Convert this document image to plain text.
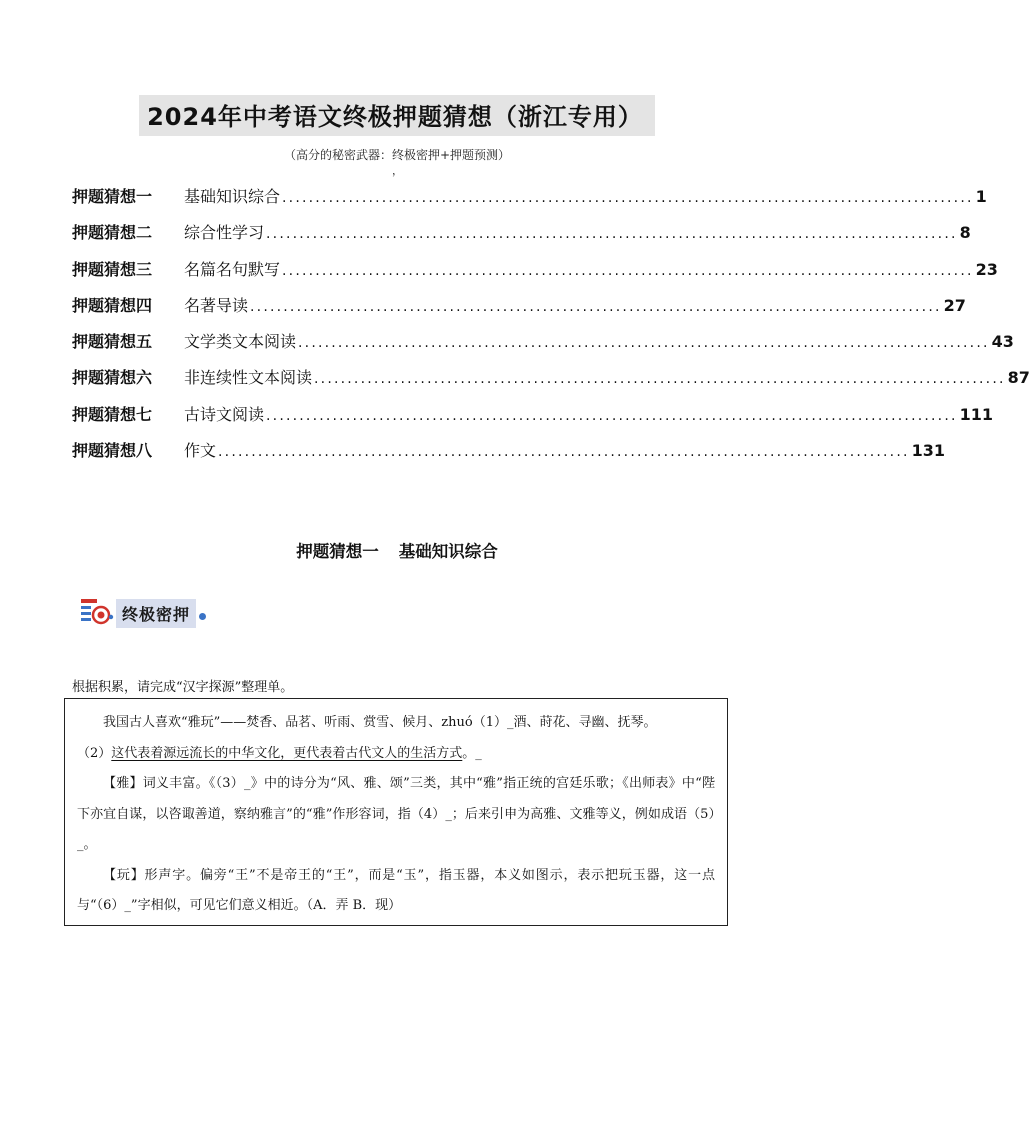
2024年中考语文终极押题猜想（浙江专用）
（高分的秘密武器：终极密押+押题预测）
，
押题猜想一	基础知识综合 ........................................................................................................ 1
押题猜想二	综合性学习 ........................................................................................................ 8
押题猜想三	名篇名句默写 ........................................................................................................ 23
押题猜想四	名著导读 ........................................................................................................ 27
押题猜想五	文学类文本阅读 ........................................................................................................ 43
押题猜想六	非连续性文本阅读 ........................................................................................................ 87
押题猜想七	古诗文阅读 ........................................................................................................ 111
押题猜想八	作文 ........................................................................................................ 131
押题猜想一 基础知识综合
终极密押
根据积累，请完成“汉字探源”整理单。

我国古人喜欢“雅玩”——焚香、品茗、听雨、赏雪、候月、zhuó（1）_酒、莳花、寻幽、抚琴。

（2）这代表着源远流长的中华文化，更代表着古代文人的生活方式。_

【雅】词义丰富。《（3）_》中的诗分为“风、雅、颂”三类，其中“雅”指正统的宫廷乐歌；《出师表》中“陛下亦宜自谋，以咨诹善道，察纳雅言”的“雅”作形容词，指（4）_；后来引申为高雅、文雅等义，例如成语（5）_。

【玩】形声字。偏旁“王”不是帝王的“王”，而是“玉”，指玉器，本义如图示，表示把玩玉器，这一点与“（6）_”字相似，可见它们意义相近。（A．弄 B．现）
